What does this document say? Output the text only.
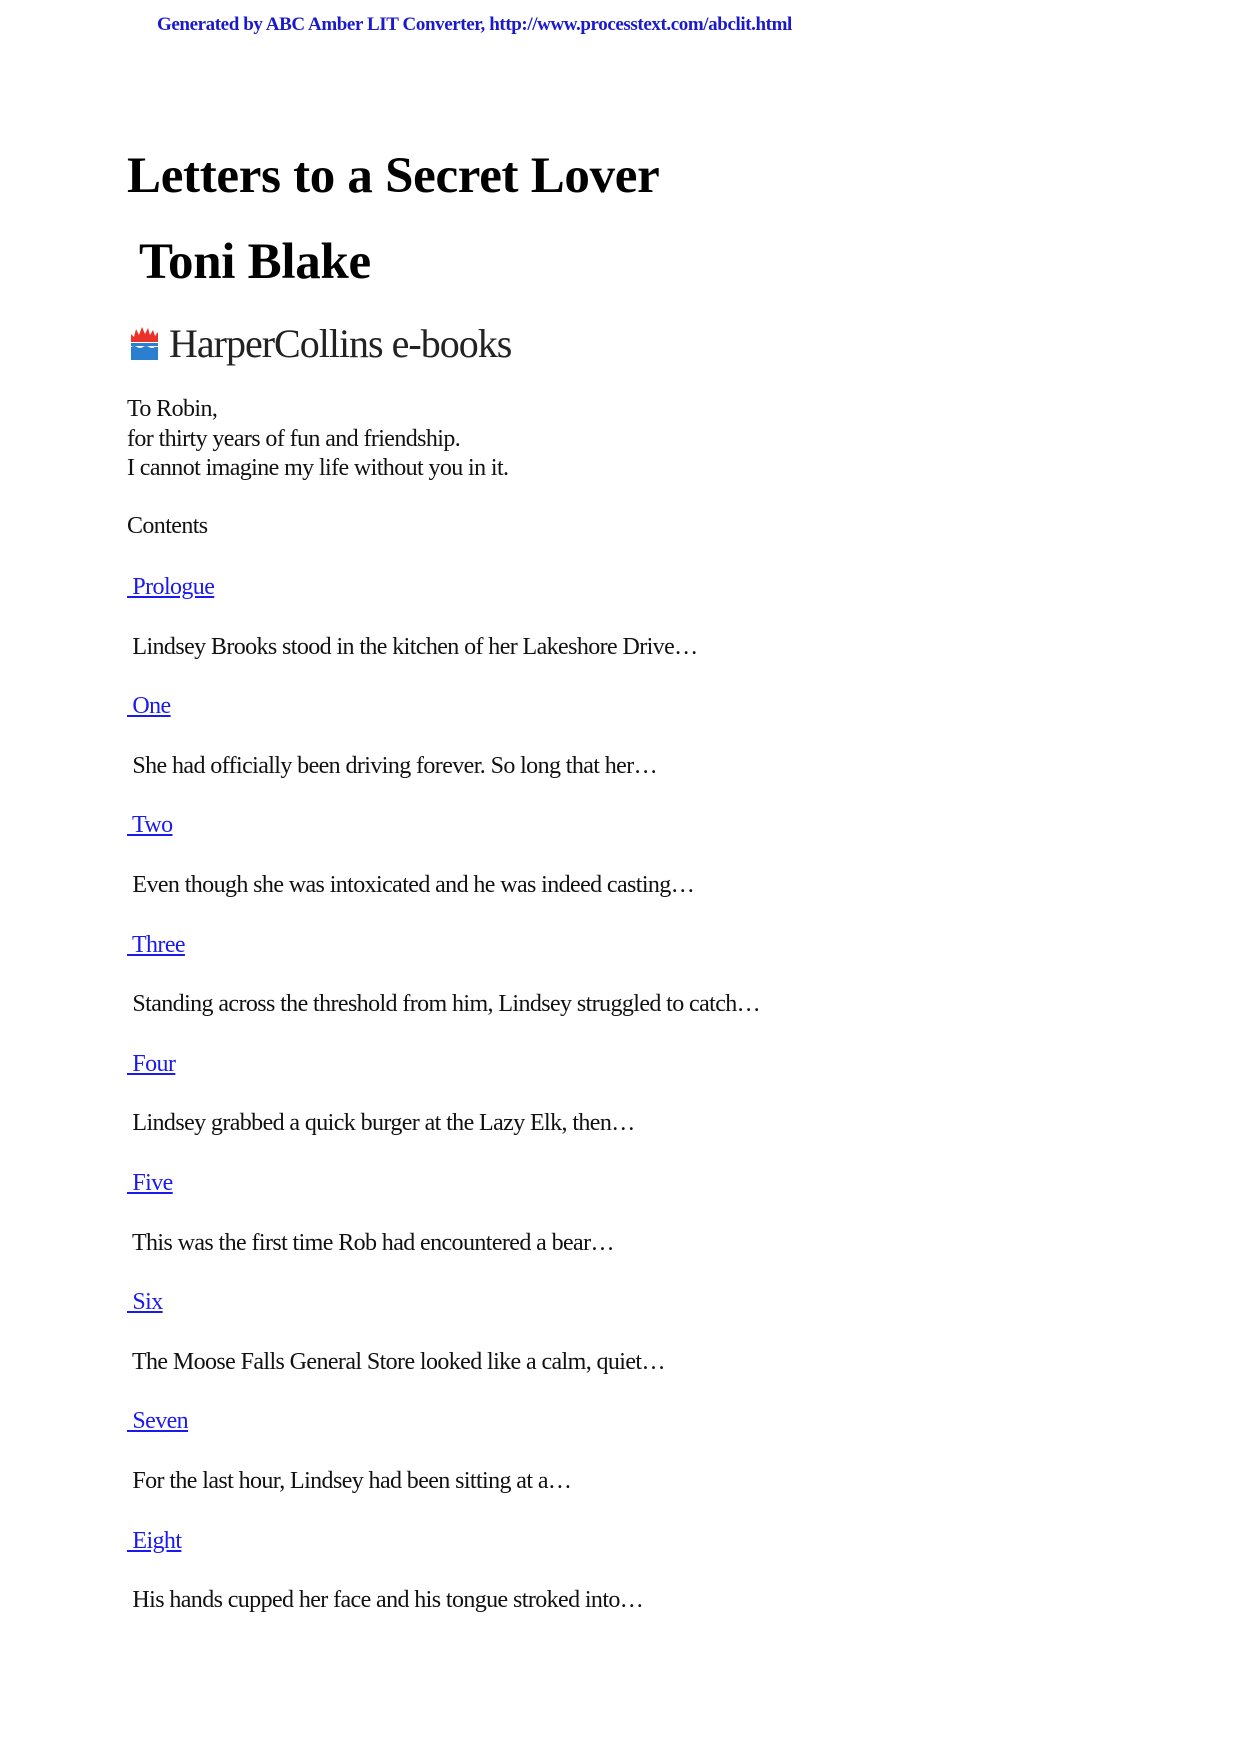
Generated by ABC Amber LIT Converter, http://www.processtext.com/abclit.html
Letters to a Secret Lover
Toni Blake
HarperCollins e-books
To Robin,
for thirty years of fun and friendship.
I cannot imagine my life without you in it.
Contents
Prologue
Lindsey Brooks stood in the kitchen of her Lakeshore Drive…
One
She had officially been driving forever. So long that her…
Two
Even though she was intoxicated and he was indeed casting…
Three
Standing across the threshold from him, Lindsey struggled to catch…
Four
Lindsey grabbed a quick burger at the Lazy Elk, then…
Five
This was the first time Rob had encountered a bear…
Six
The Moose Falls General Store looked like a calm, quiet…
Seven
For the last hour, Lindsey had been sitting at a…
Eight
His hands cupped her face and his tongue stroked into…
